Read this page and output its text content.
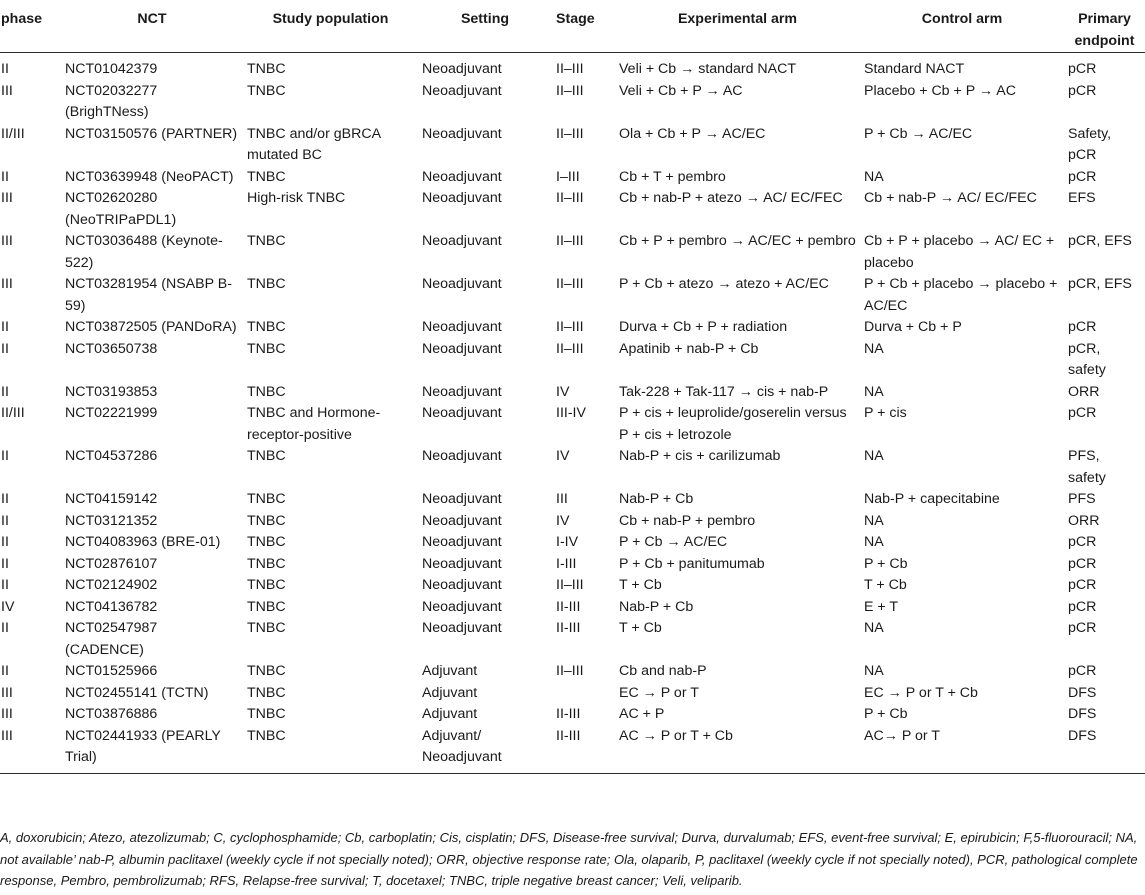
phase	NCT	Study population	Setting	Stage	Experimental arm	Control arm	Primary endpoint
II	NCT01042379	TNBC	Neoadjuvant	II–III	Veli + Cb → standard NACT	Standard NACT	pCR
III	NCT02032277 (BrighTNess)	TNBC	Neoadjuvant	II–III	Veli + Cb + P → AC	Placebo + Cb + P → AC	pCR
II/III	NCT03150576 (PARTNER)	TNBC and/or gBRCA mutated BC	Neoadjuvant	II–III	Ola + Cb + P → AC/EC	P + Cb → AC/EC	Safety, pCR
II	NCT03639948 (NeoPACT)	TNBC	Neoadjuvant	I–III	Cb + T + pembro	NA	pCR
III	NCT02620280 (NeoTRIPaPDL1)	High-risk TNBC	Neoadjuvant	II–III	Cb + nab-P + atezo → AC/ EC/FEC	Cb + nab-P → AC/ EC/FEC	EFS
III	NCT03036488 (Keynote-522)	TNBC	Neoadjuvant	II–III	Cb + P + pembro → AC/EC + pembro	Cb + P + placebo → AC/ EC + placebo	pCR, EFS
III	NCT03281954 (NSABP B-59)	TNBC	Neoadjuvant	II–III	P + Cb + atezo → atezo + AC/EC	P + Cb + placebo → placebo + AC/EC	pCR, EFS
II	NCT03872505 (PANDoRA)	TNBC	Neoadjuvant	II–III	Durva + Cb + P + radiation	Durva + Cb + P	pCR
II	NCT03650738	TNBC	Neoadjuvant	II–III	Apatinib + nab-P + Cb	NA	pCR, safety
II	NCT03193853	TNBC	Neoadjuvant	IV	Tak-228 + Tak-117 → cis + nab-P	NA	ORR
II/III	NCT02221999	TNBC and Hormone-receptor-positive	Neoadjuvant	III-IV	P + cis + leuprolide/goserelin versus P + cis + letrozole	P + cis	pCR
II	NCT04537286	TNBC	Neoadjuvant	IV	Nab-P + cis + carilizumab	NA	PFS, safety
II	NCT04159142	TNBC	Neoadjuvant	III	Nab-P + Cb	Nab-P + capecitabine	PFS
II	NCT03121352	TNBC	Neoadjuvant	IV	Cb + nab-P + pembro	NA	ORR
II	NCT04083963 (BRE-01)	TNBC	Neoadjuvant	I-IV	P + Cb → AC/EC	NA	pCR
II	NCT02876107	TNBC	Neoadjuvant	I-III	P + Cb + panitumumab	P + Cb	pCR
II	NCT02124902	TNBC	Neoadjuvant	II–III	T + Cb	T + Cb	pCR
IV	NCT04136782	TNBC	Neoadjuvant	II-III	Nab-P + Cb	E + T	pCR
II	NCT02547987 (CADENCE)	TNBC	Neoadjuvant	II-III	T + Cb	NA	pCR
II	NCT01525966	TNBC	Adjuvant	II–III	Cb and nab-P	NA	pCR
III	NCT02455141 (TCTN)	TNBC	Adjuvant		EC → P or T	EC → P or T + Cb	DFS
III	NCT03876886	TNBC	Adjuvant	II-III	AC + P	P + Cb	DFS
III	NCT02441933 (PEARLY Trial)	TNBC	Adjuvant/ Neoadjuvant	II-III	AC → P or T + Cb	AC→ P or T	DFS
A, doxorubicin; Atezo, atezolizumab; C, cyclophosphamide; Cb, carboplatin; Cis, cisplatin; DFS, Disease-free survival; Durva, durvalumab; EFS, event-free survival; E, epirubicin; F,5-fluorouracil; NA, not available’ nab-P, albumin paclitaxel (weekly cycle if not specially noted); ORR, objective response rate; Ola, olaparib, P, paclitaxel (weekly cycle if not specially noted), PCR, pathological complete response, Pembro, pembrolizumab; RFS, Relapse-free survival; T, docetaxel; TNBC, triple negative breast cancer; Veli, veliparib.
